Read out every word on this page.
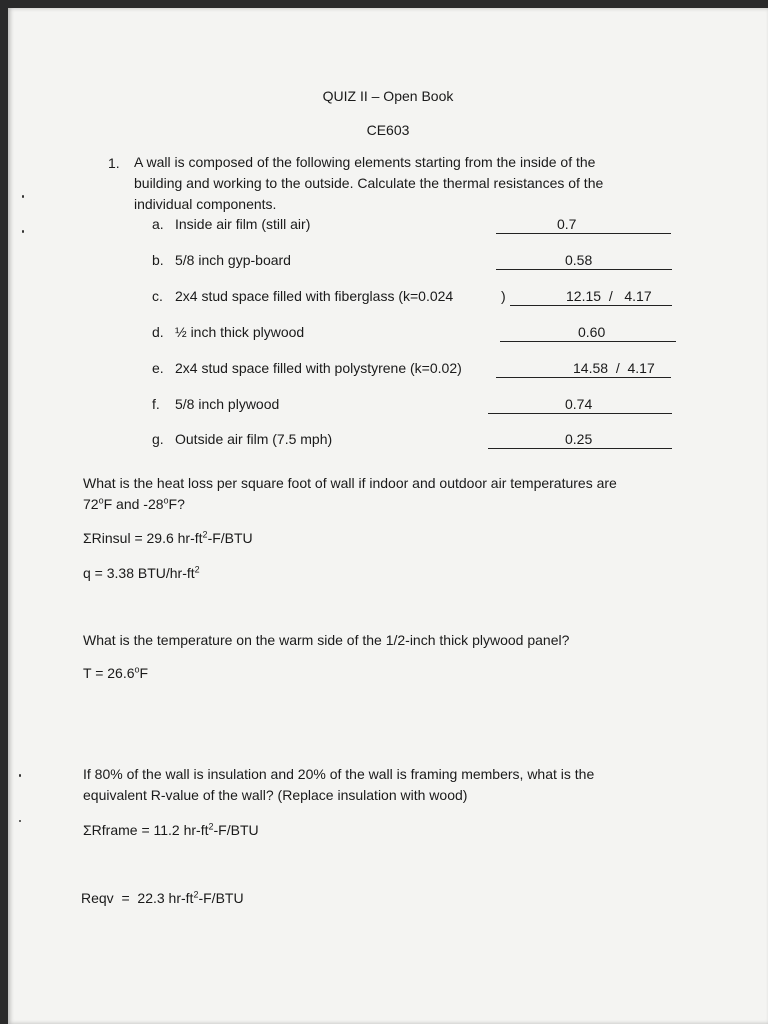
QUIZ II – Open Book
CE603
1. A wall is composed of the following elements starting from the inside of the
building and working to the outside. Calculate the thermal resistances of the
individual components.
a. Inside air film (still air)	0.7
b. 5/8 inch gyp-board	0.58
c. 2x4 stud space filled with fiberglass (k=0.024	)	12.15  /   4.17
d. ½ inch thick plywood	0.60
e. 2x4 stud space filled with polystyrene (k=0.02)	14.58  /  4.17
f. 5/8 inch plywood	0.74
g. Outside air film (7.5 mph)	0.25
What is the heat loss per square foot of wall if indoor and outdoor air temperatures are
72$^o$F and -28$^o$F?
ΣRinsul = 29.6 $hr-ft^2-F$/BTU
q = 3.38 BTU/$hr-ft^2$
What is the temperature on the warm side of the 1/2-inch thick plywood panel?
$T = 26.6^oF$
If 80% of the wall is insulation and 20% of the wall is framing members, what is the
equivalent R-value of the wall? (Replace insulation with wood)
ΣRframe = 11.2 $hr-ft^2-F$/BTU
Reqv  =  22.3 $hr-ft^2-F$/BTU
